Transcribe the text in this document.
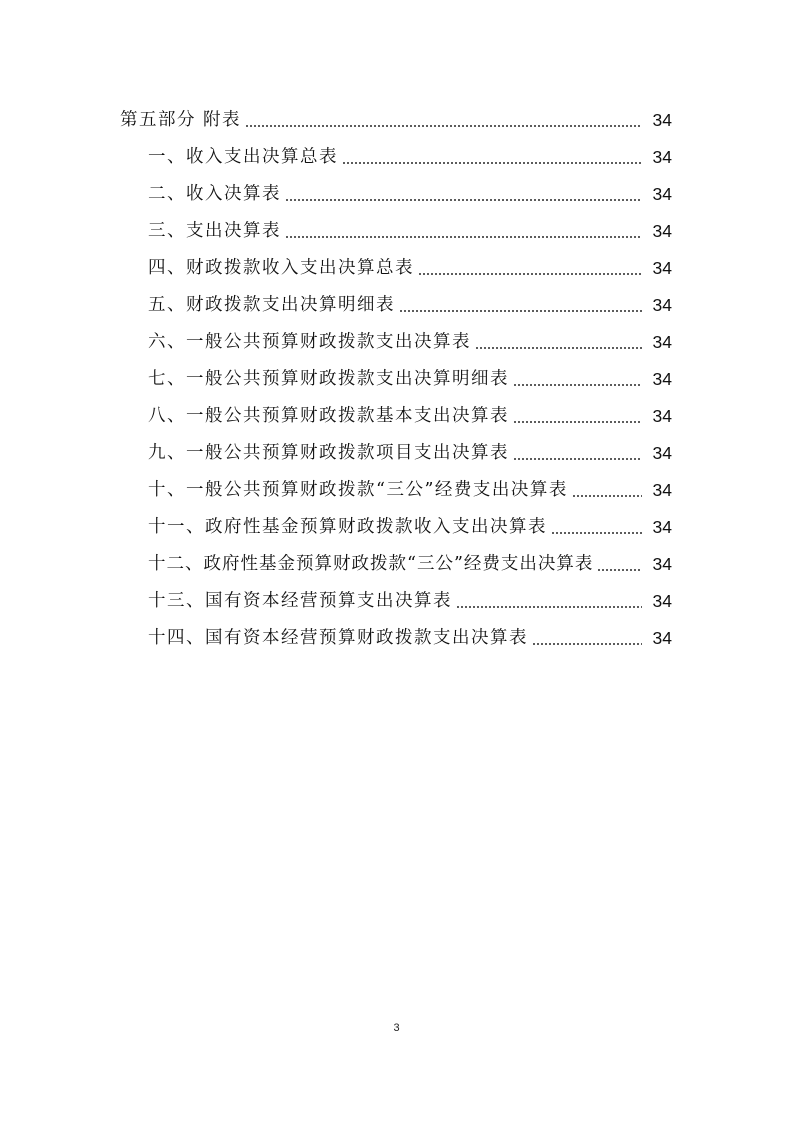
第五部分 附表	34
一、收入支出决算总表	34
二、收入决算表	34
三、支出决算表	34
四、财政拨款收入支出决算总表	34
五、财政拨款支出决算明细表	34
六、一般公共预算财政拨款支出决算表	34
七、一般公共预算财政拨款支出决算明细表	34
八、一般公共预算财政拨款基本支出决算表	34
九、一般公共预算财政拨款项目支出决算表	34
十、一般公共预算财政拨款“三公”经费支出决算表	34
十一、政府性基金预算财政拨款收入支出决算表	34
十二、政府性基金预算财政拨款“三公”经费支出决算表	34
十三、国有资本经营预算支出决算表	34
十四、国有资本经营预算财政拨款支出决算表	34
3
